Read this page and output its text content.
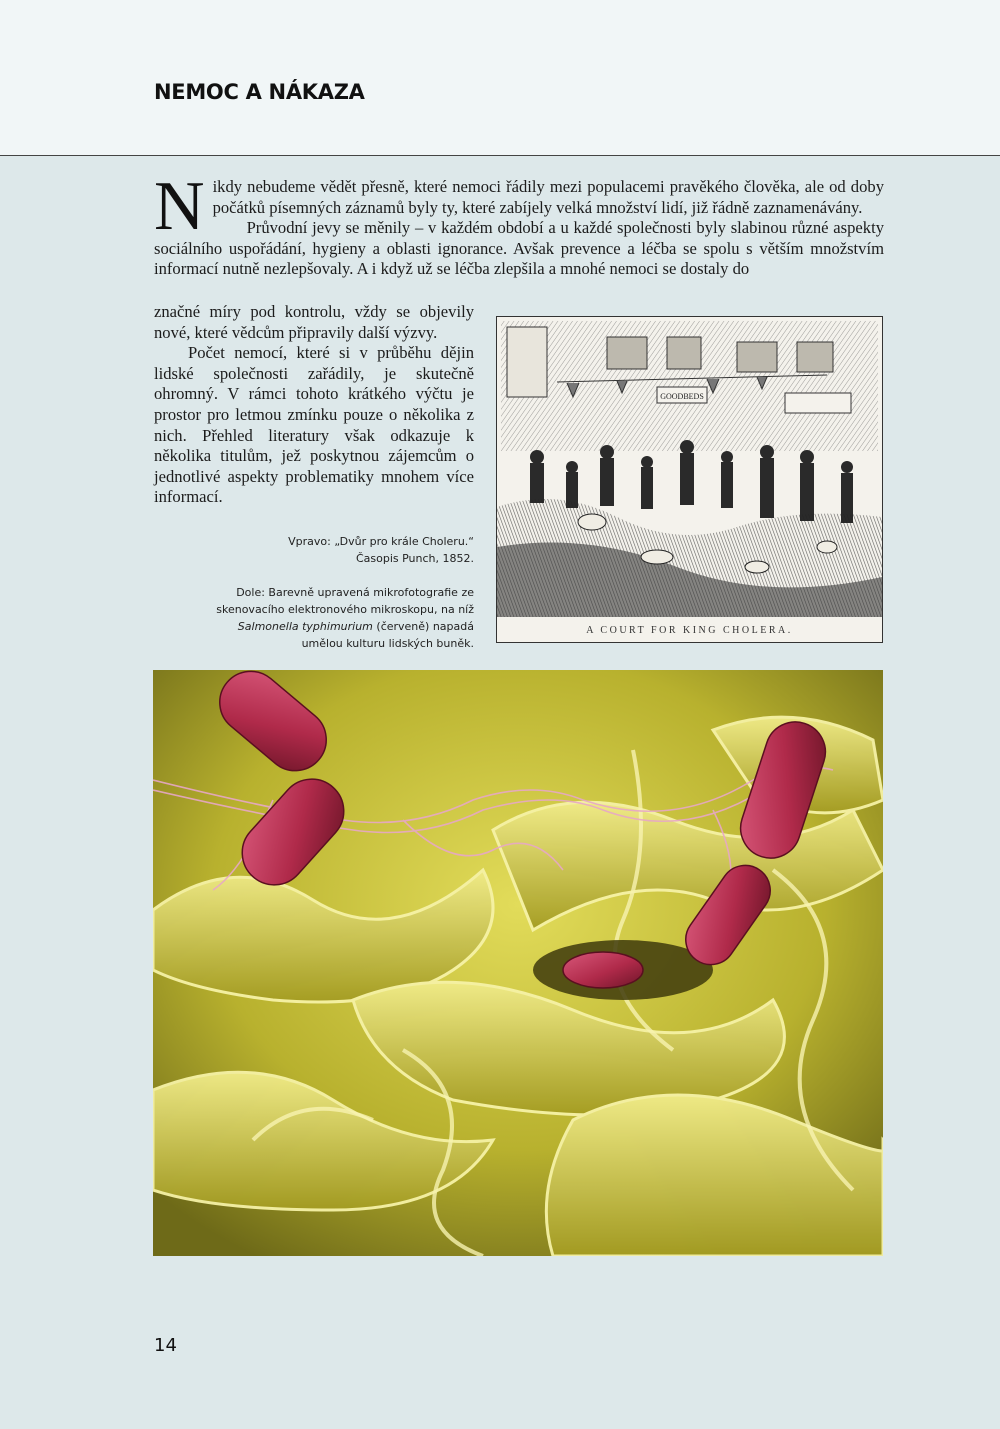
NEMOC A NÁKAZA

Nikdy nebudeme vědět přesně, které nemoci řádily mezi populacemi pravěkého člověka, ale od doby počátků písemných záznamů byly ty, které zabíjely velká množství lidí, již řádně zaznamenávány.

Průvodní jevy se měnily – v každém období a u každé společnosti byly slabinou různé aspekty sociálního uspořádání, hygieny a oblasti ignorance. Avšak prevence a léčba se spolu s větším množstvím informací nutně nezlepšovaly. A i když už se léčba zlepšila a mnohé nemoci se dostaly do

značné míry pod kontrolu, vždy se objevily nové, které vědcům připravily další výzvy.

Počet nemocí, které si v průběhu dějin lidské společnosti zařádily, je skutečně ohromný. V rámci tohoto krátkého výčtu je prostor pro letmou zmínku pouze o několika z nich. Přehled literatury však odkazuje k několika titulům, jež poskytnou zájemcům o jednotlivé aspekty problematiky mnohem více informací.

Vpravo: „Dvůr pro krále Choleru.“
Časopis Punch, 1852.
Dole: Barevně upravená mikrofotografie ze skenovacího elektronového mikroskopu, na níž Salmonella typhimurium (červeně) napadá umělou kulturu lidských buněk.
GOODBEDS
A COURT FOR KING CHOLERA.
14
